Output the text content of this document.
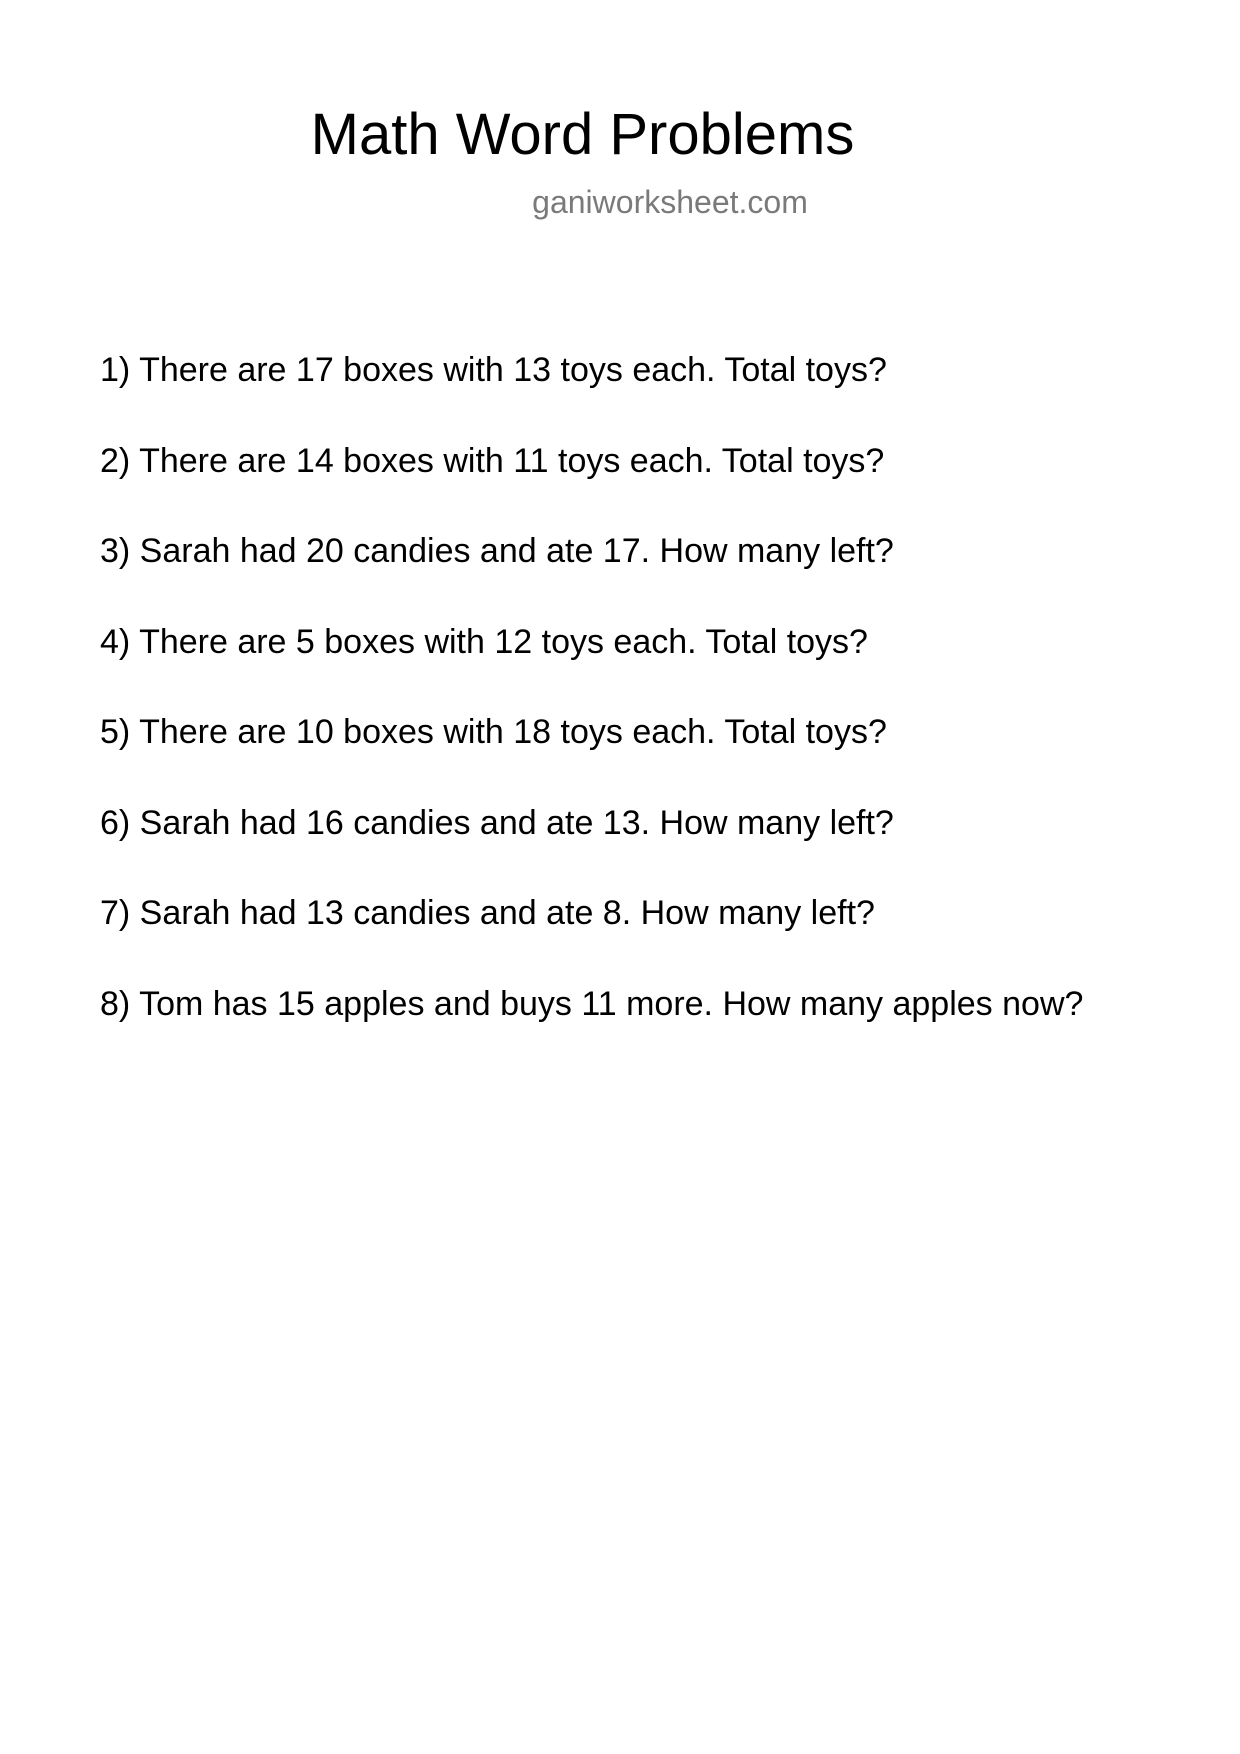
Math Word Problems
ganiworksheet.com
1) There are 17 boxes with 13 toys each. Total toys?
2) There are 14 boxes with 11 toys each. Total toys?
3) Sarah had 20 candies and ate 17. How many left?
4) There are 5 boxes with 12 toys each. Total toys?
5) There are 10 boxes with 18 toys each. Total toys?
6) Sarah had 16 candies and ate 13. How many left?
7) Sarah had 13 candies and ate 8. How many left?
8) Tom has 15 apples and buys 11 more. How many apples now?
